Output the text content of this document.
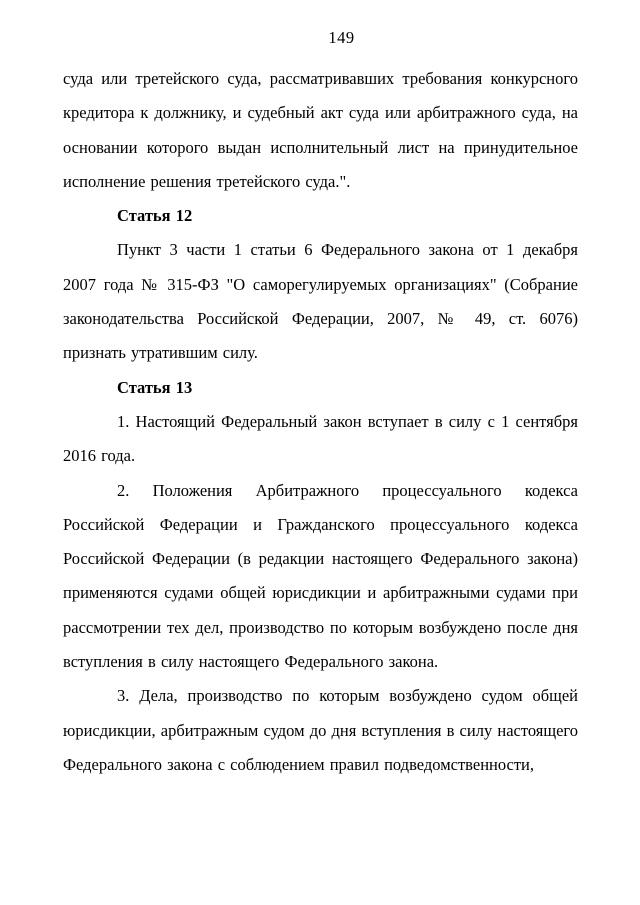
149

суда или третейского суда, рассматривавших требования конкурсного кредитора к должнику, и судебный акт суда или арбитражного суда, на основании которого выдан исполнительный лист на принудительное исполнение решения третейского суда.".

Статья 12

Пункт 3 части 1 статьи 6 Федерального закона от 1 декабря 2007 года № 315-ФЗ "О саморегулируемых организациях" (Собрание законодательства Российской Федерации, 2007, № 49, ст. 6076) признать утратившим силу.

Статья 13

1. Настоящий Федеральный закон вступает в силу с 1 сентября 2016 года.

2. Положения Арбитражного процессуального кодекса Российской Федерации и Гражданского процессуального кодекса Российской Федерации (в редакции настоящего Федерального закона) применяются судами общей юрисдикции и арбитражными судами при рассмотрении тех дел, производство по которым возбуждено после дня вступления в силу настоящего Федерального закона.

3. Дела, производство по которым возбуждено судом общей юрисдикции, арбитражным судом до дня вступления в силу настоящего Федерального закона с соблюдением правил подведомственности,
